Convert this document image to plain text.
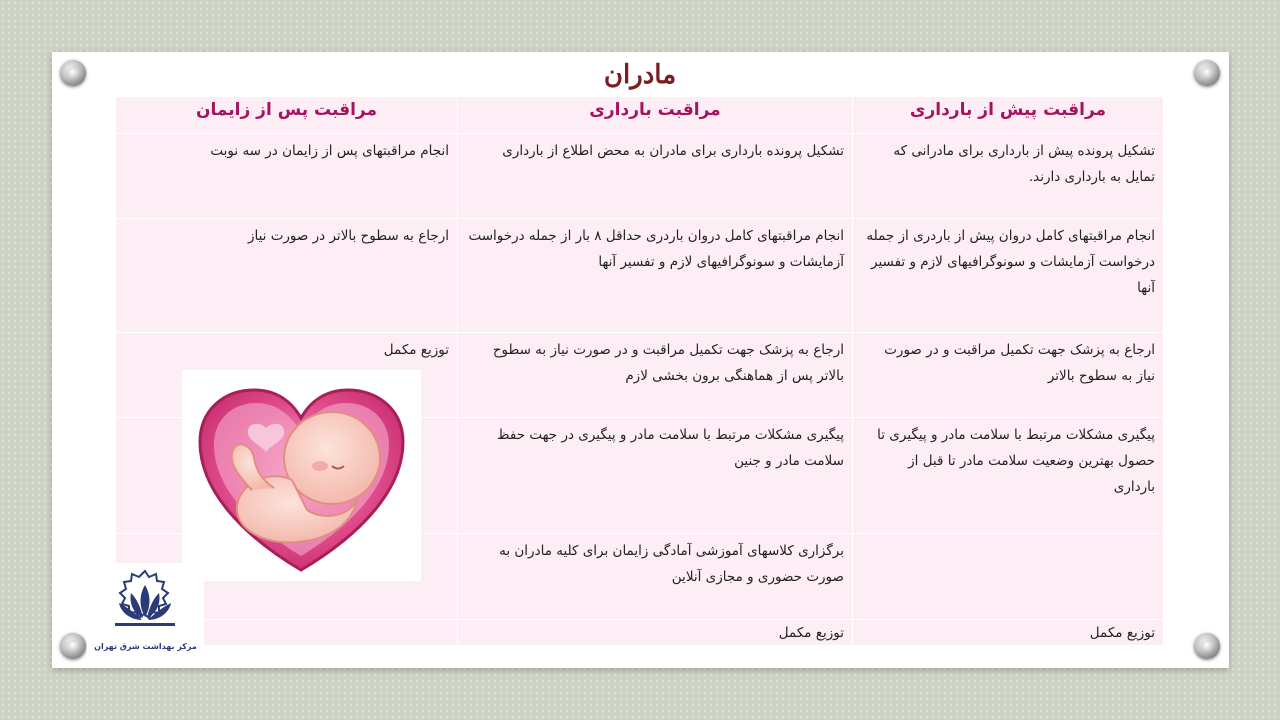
مادران
مراقبت پیش از بارداری
مراقبت بارداری
مراقبت پس از زایمان
تشکیل پرونده پیش از بارداری برای مادرانی که تمایل به بارداری دارند.
انجام مراقبتهای کامل دروان پیش از باردری از جمله درخواست آزمایشات و سونوگرافیهای لازم و تفسیر آنها
ارجاع به پزشک جهت تکمیل مراقبت و در صورت نیاز به سطوح بالاتر
پیگیری مشکلات مرتبط با سلامت مادر و پیگیری تا حصول بهترین وضعیت سلامت مادر تا قبل از بارداری
توزیع مکمل
تشکیل پرونده بارداری برای مادران به محض اطلاع از بارداری
انجام مراقبتهای کامل دروان باردری حداقل ۸ بار از جمله درخواست آزمایشات و سونوگرافیهای لازم و تفسیر آنها
ارجاع به پزشک جهت تکمیل مراقبت و در صورت نیاز به سطوح بالاتر پس از هماهنگی برون بخشی لازم
پیگیری مشکلات مرتبط با سلامت مادر و پیگیری در جهت حفظ سلامت مادر و جنین
برگزاری کلاسهای آموزشی آمادگی زایمان برای کلیه مادران به صورت حضوری و مجازی آنلاین
توزیع مکمل
انجام مراقبتهای پس از زایمان در سه نوبت
ارجاع به سطوح بالاتر در صورت نیاز
توزیع مکمل
مرکز بهداشت شرق تهران
